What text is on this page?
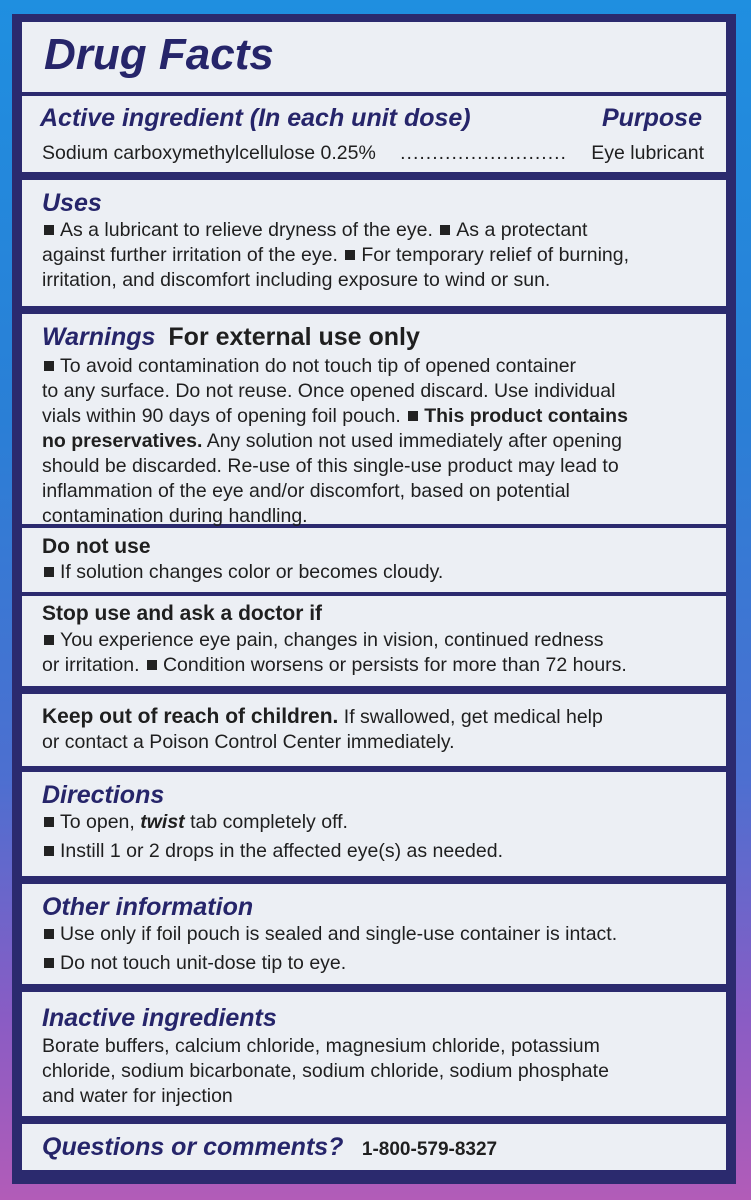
Drug Facts
Active ingredient (In each unit dose)	Purpose
Sodium carboxymethylcellulose 0.25%	..........................	Eye lubricant
Uses

As a lubricant to relieve dryness of the eye. As a protectant

against further irritation of the eye. For temporary relief of burning,

irritation, and discomfort including exposure to wind or sun.

Warnings For external use only

To avoid contamination do not touch tip of opened container

to any surface. Do not reuse. Once opened discard. Use individual

vials within 90 days of opening foil pouch. This product contains

no preservatives. Any solution not used immediately after opening

should be discarded. Re-use of this single-use product may lead to

inflammation of the eye and/or discomfort, based on potential

contamination during handling.

Do not use

If solution changes color or becomes cloudy.

Stop use and ask a doctor if

You experience eye pain, changes in vision, continued redness

or irritation. Condition worsens or persists for more than 72 hours.

Keep out of reach of children. If swallowed, get medical help

or contact a Poison Control Center immediately.

Directions

To open, twist tab completely off.

Instill 1 or 2 drops in the affected eye(s) as needed.

Other information

Use only if foil pouch is sealed and single-use container is intact.

Do not touch unit-dose tip to eye.

Inactive ingredients

Borate buffers, calcium chloride, magnesium chloride, potassium

chloride, sodium bicarbonate, sodium chloride, sodium phosphate

and water for injection

Questions or comments? 1-800-579-8327
